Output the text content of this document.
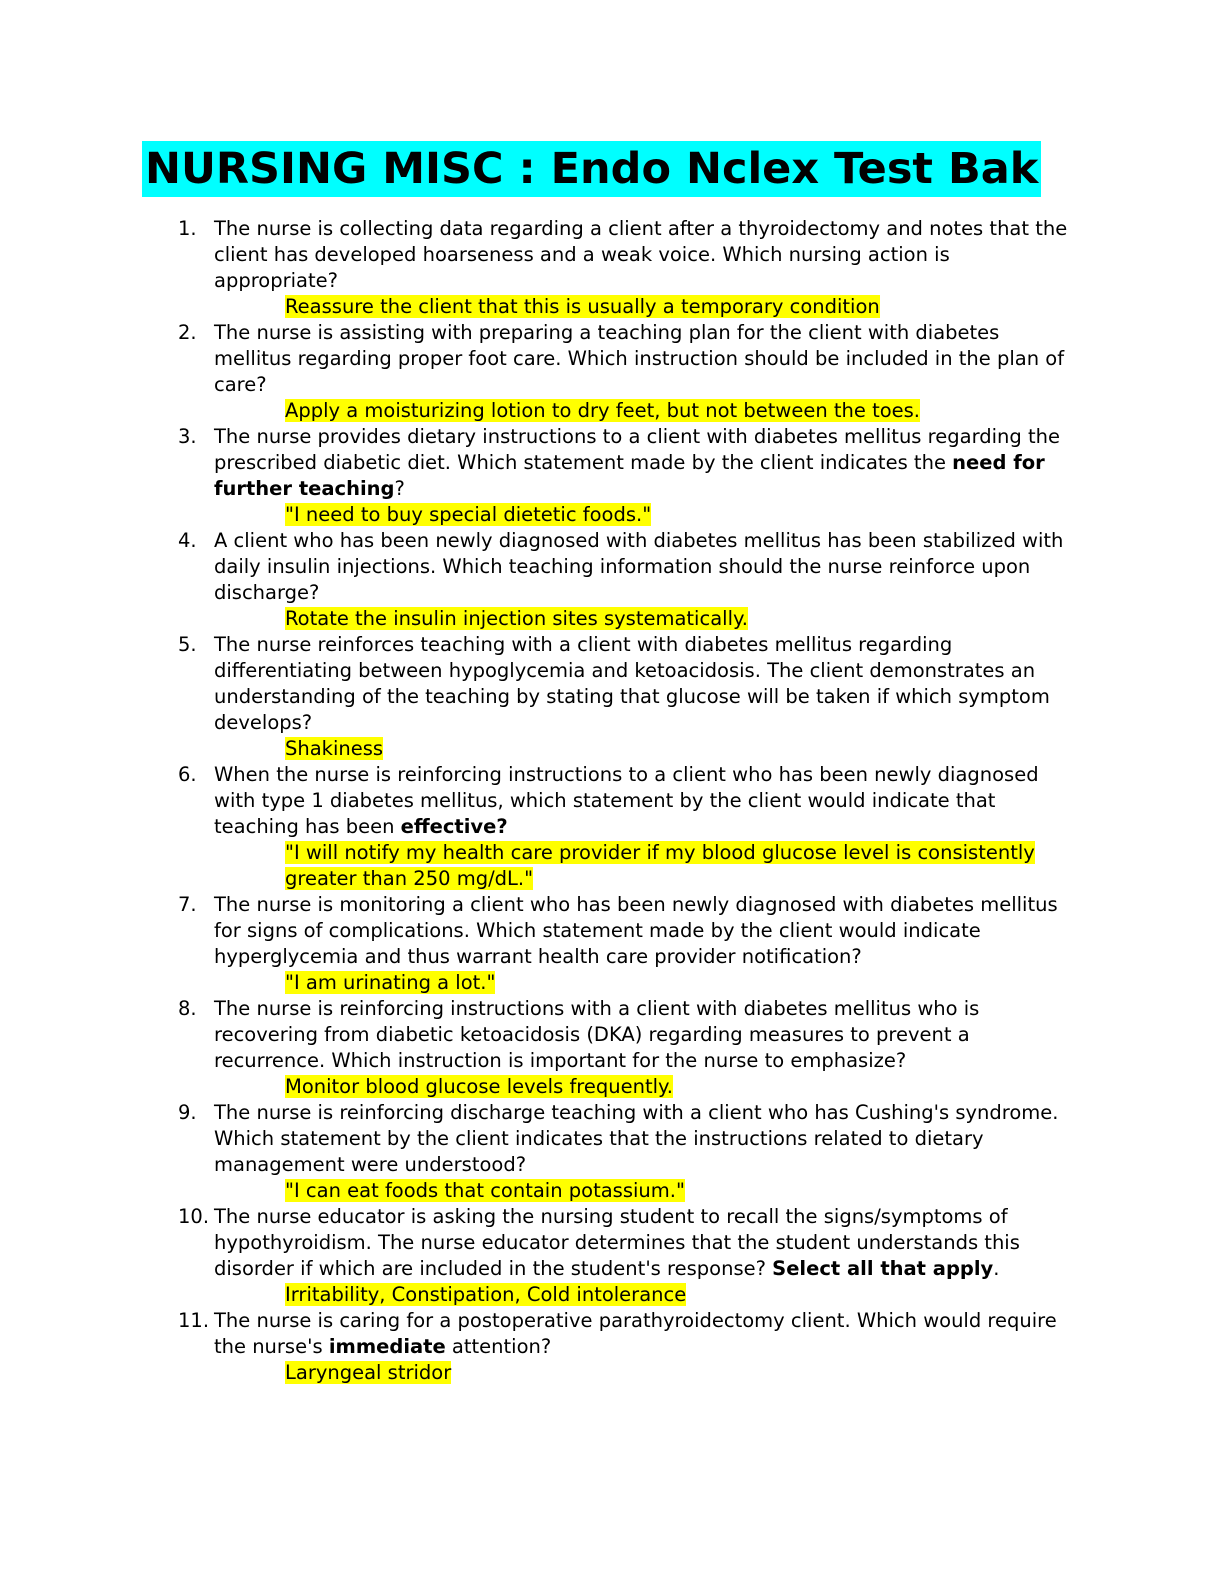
NURSING MISC : Endo Nclex Test Bak
1. The nurse is collecting data regarding a client after a thyroidectomy and notes that the client has developed hoarseness and a weak voice. Which nursing action is appropriate?
Reassure the client that this is usually a temporary condition
2. The nurse is assisting with preparing a teaching plan for the client with diabetes mellitus regarding proper foot care. Which instruction should be included in the plan of care?
Apply a moisturizing lotion to dry feet, but not between the toes.
3. The nurse provides dietary instructions to a client with diabetes mellitus regarding the prescribed diabetic diet. Which statement made by the client indicates the need for further teaching?
"I need to buy special dietetic foods."
4. A client who has been newly diagnosed with diabetes mellitus has been stabilized with daily insulin injections. Which teaching information should the nurse reinforce upon discharge?
Rotate the insulin injection sites systematically.
5. The nurse reinforces teaching with a client with diabetes mellitus regarding differentiating between hypoglycemia and ketoacidosis. The client demonstrates an understanding of the teaching by stating that glucose will be taken if which symptom develops?
Shakiness
6. When the nurse is reinforcing instructions to a client who has been newly diagnosed with type 1 diabetes mellitus, which statement by the client would indicate that teaching has been effective?
"I will notify my health care provider if my blood glucose level is consistently greater than 250 mg/dL."
7. The nurse is monitoring a client who has been newly diagnosed with diabetes mellitus for signs of complications. Which statement made by the client would indicate hyperglycemia and thus warrant health care provider notification?
"I am urinating a lot."
8. The nurse is reinforcing instructions with a client with diabetes mellitus who is recovering from diabetic ketoacidosis (DKA) regarding measures to prevent a recurrence. Which instruction is important for the nurse to emphasize?
Monitor blood glucose levels frequently.
9. The nurse is reinforcing discharge teaching with a client who has Cushing's syndrome. Which statement by the client indicates that the instructions related to dietary management were understood?
"I can eat foods that contain potassium."
10. The nurse educator is asking the nursing student to recall the signs/symptoms of hypothyroidism. The nurse educator determines that the student understands this disorder if which are included in the student's response? Select all that apply.
Irritability, Constipation, Cold intolerance
11. The nurse is caring for a postoperative parathyroidectomy client. Which would require the nurse's immediate attention?
Laryngeal stridor
